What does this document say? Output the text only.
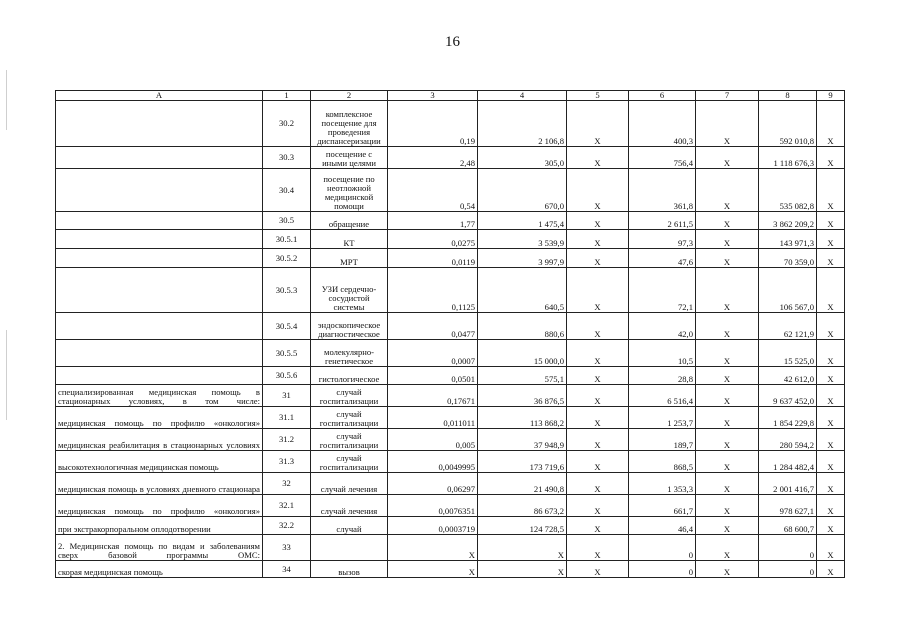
16
А	1	2	3	4	5	6	7	8	9
	30.2	комплексное посещение для проведения диспансеризации	0,19	2 106,8	X	400,3	X	592 010,8	X
	30.3	посещение с иными целями	2,48	305,0	X	756,4	X	1 118 676,3	X
	30.4	посещение по неотложной медицинской помощи	0,54	670,0	X	361,8	X	535 082,8	X
	30.5	обращение	1,77	1 475,4	X	2 611,5	X	3 862 209,2	X
	30.5.1	КТ	0,0275	3 539,9	X	97,3	X	143 971,3	X
	30.5.2	МРТ	0,0119	3 997,9	X	47,6	X	70 359,0	X
	30.5.3	УЗИ сердечно-сосудистой системы	0,1125	640,5	X	72,1	X	106 567,0	X
	30.5.4	эндоскопическое диагностическое	0,0477	880,6	X	42,0	X	62 121,9	X
	30.5.5	молекулярно-генетическое	0,0007	15 000,0	X	10,5	X	15 525,0	X
	30.5.6	гистологическое	0,0501	575,1	X	28,8	X	42 612,0	X
специализированная медицинская помощь в стационарных условиях, в том числе:	31	случай госпитализации	0,17671	36 876,5	X	6 516,4	X	9 637 452,0	X
медицинская помощь по профилю «онкология»	31.1	случай госпитализации	0,011011	113 868,2	X	1 253,7	X	1 854 229,8	X
медицинская реабилитация в стационарных условиях	31.2	случай госпитализации	0,005	37 948,9	X	189,7	X	280 594,2	X
высокотехнологичная медицинская помощь	31.3	случай госпитализации	0,0049995	173 719,6	X	868,5	X	1 284 482,4	X
медицинская помощь в условиях дневного стационара	32	случай лечения	0,06297	21 490,8	X	1 353,3	X	2 001 416,7	X
медицинская помощь по профилю «онкология»	32.1	случай лечения	0,0076351	86 673,2	X	661,7	X	978 627,1	X
при экстракорпоральном оплодотворении	32.2	случай	0,0003719	124 728,5	X	46,4	X	68 600,7	X
2. Медицинская помощь по видам и заболеваниям сверх базовой программы ОМС:	33		X	X	X	0	X	0	X
скорая медицинская помощь	34	вызов	X	X	X	0	X	0	X
